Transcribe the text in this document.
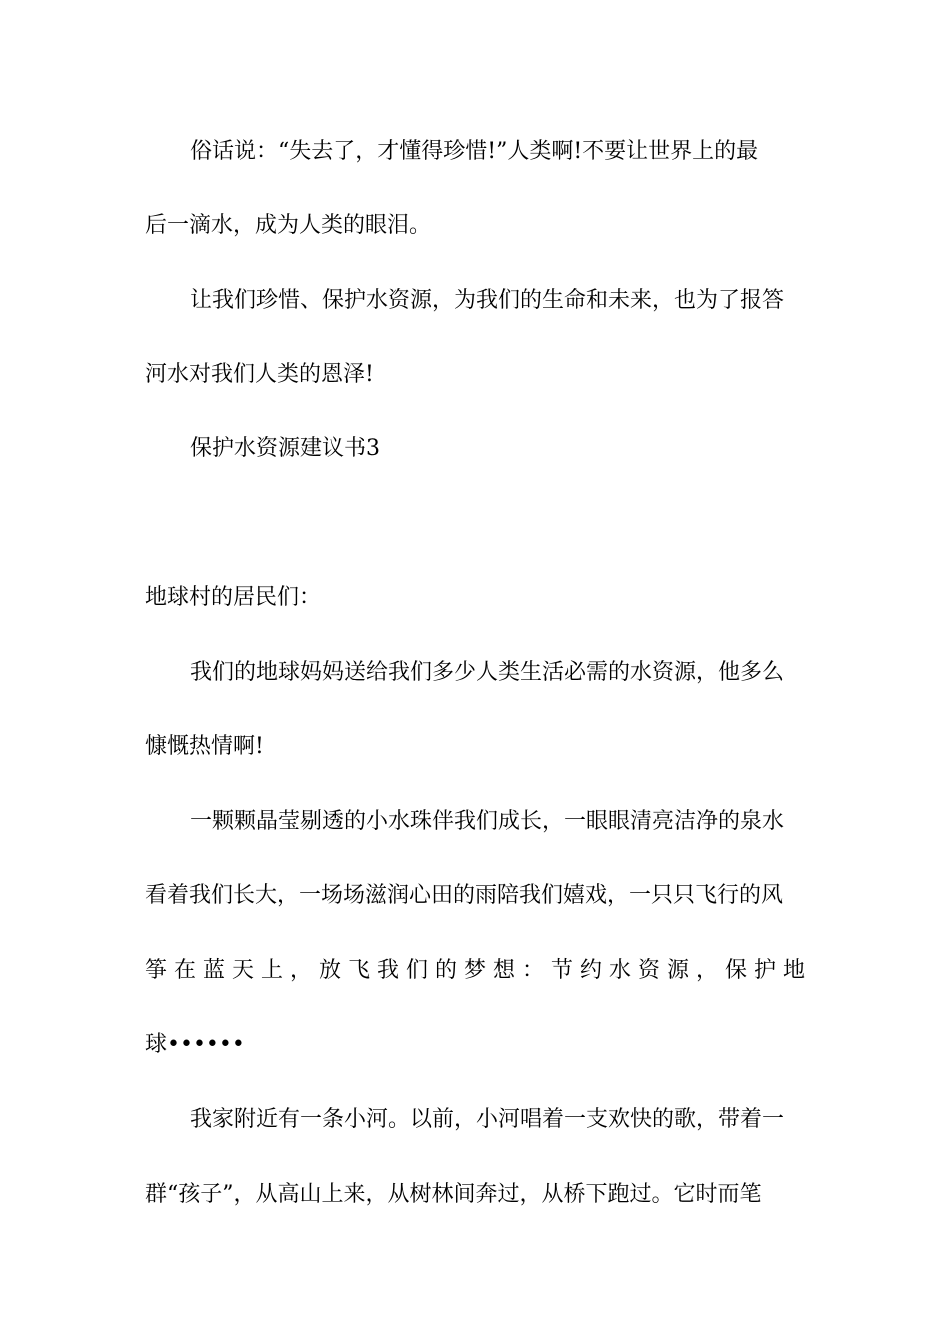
俗话说：“失去了，才懂得珍惜!”人类啊!不要让世界上的最

后一滴水，成为人类的眼泪。

让我们珍惜、保护水资源，为我们的生命和未来，也为了报答

河水对我们人类的恩泽!

保护水资源建议书3

地球村的居民们：

我们的地球妈妈送给我们多少人类生活必需的水资源，他多么

慷慨热情啊!

一颗颗晶莹剔透的小水珠伴我们成长，一眼眼清亮洁净的泉水

看着我们长大，一场场滋润心田的雨陪我们嬉戏，一只只飞行的风

筝在蓝天上，放飞我们的梦想：节约水资源，保护地

球••••••

我家附近有一条小河。以前，小河唱着一支欢快的歌，带着一

群“孩子”，从高山上来，从树林间奔过，从桥下跑过。它时而笔
